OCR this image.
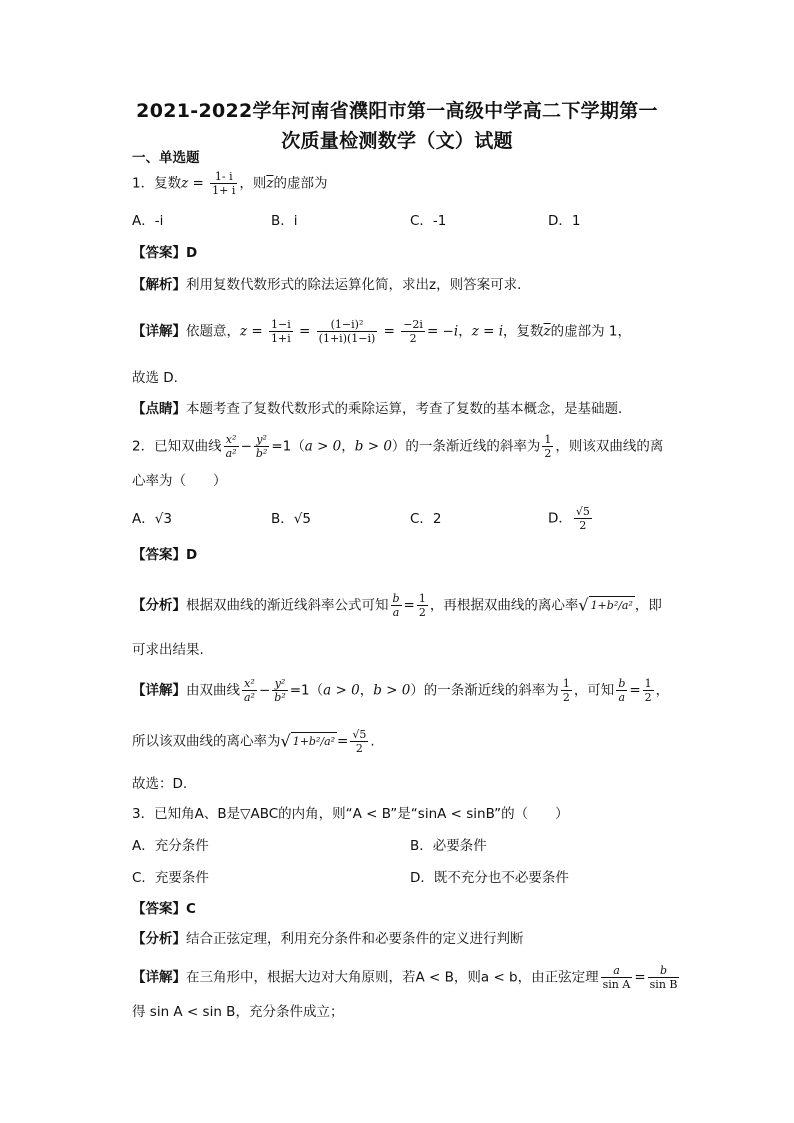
2021-2022学年河南省濮阳市第一高级中学高二下学期第一
次质量检测数学（文）试题
一、单选题
1．复数$z = \frac{1- i}{1+ i}$ ，则$\overline{z}$的虚部为
A．-i	B．i	C．-1	D．1
【答案】D
【解析】利用复数代数形式的除法运算化简，求出z，则答案可求．
【详解】依题意，$z = \frac{1-i}{1+i} = \frac{\text{(1−i)²}}{(1+i)(1-i)} = \frac{-2i}{2} = -i$，z = i，复数$\overline{z}$的虚部为 1，
故选 D.
【点睛】本题考查了复数代数形式的乘除运算，考查了复数的基本概念，是基础题．
2．已知双曲线 $\frac{\text{x²}}{\text{a²}} - \frac{\text{y²}}{\text{b²}} =1(a > 0$，b > 0）的一条渐近线的斜率为 $\frac{1}{2}$ ，则该双曲线的离
心率为（　　）
A．√3	B．√5	C．2	D． $\frac{√5}{2}$
【答案】D
【分析】根据双曲线的渐近线斜率公式可知 $\frac{b}{a} = \frac{1}{2}$ ，再根据双曲线的离心率√ 1+b²/a² ，即
可求出结果.
【详解】由双曲线 $\frac{\text{x²}}{\text{a²}} - \frac{\text{y²}}{\text{b²}} =1(a > 0$，b > 0）的一条渐近线的斜率为 $\frac{1}{2}$ ，可知 $\frac{b}{a} = \frac{1}{2}$ ，
所以该双曲线的离心率为√ $1+b^2/a^2 = \frac{√5}{2}$ .
故选：D.
3．已知角A、B是▽ABC的内角，则“A < B”是“sinA < sinB”的（　　）
A．充分条件	B．必要条件
C．充要条件	D．既不充分也不必要条件
【答案】C
【分析】结合正弦定理，利用充分条件和必要条件的定义进行判断
【详解】在三角形中，根据大边对大角原则，若A < B，则a < b，由正弦定理 $\frac{a}{\text{sin A}} = \frac{b}{\text{sin B}}$
得 sin A < sin B，充分条件成立；
